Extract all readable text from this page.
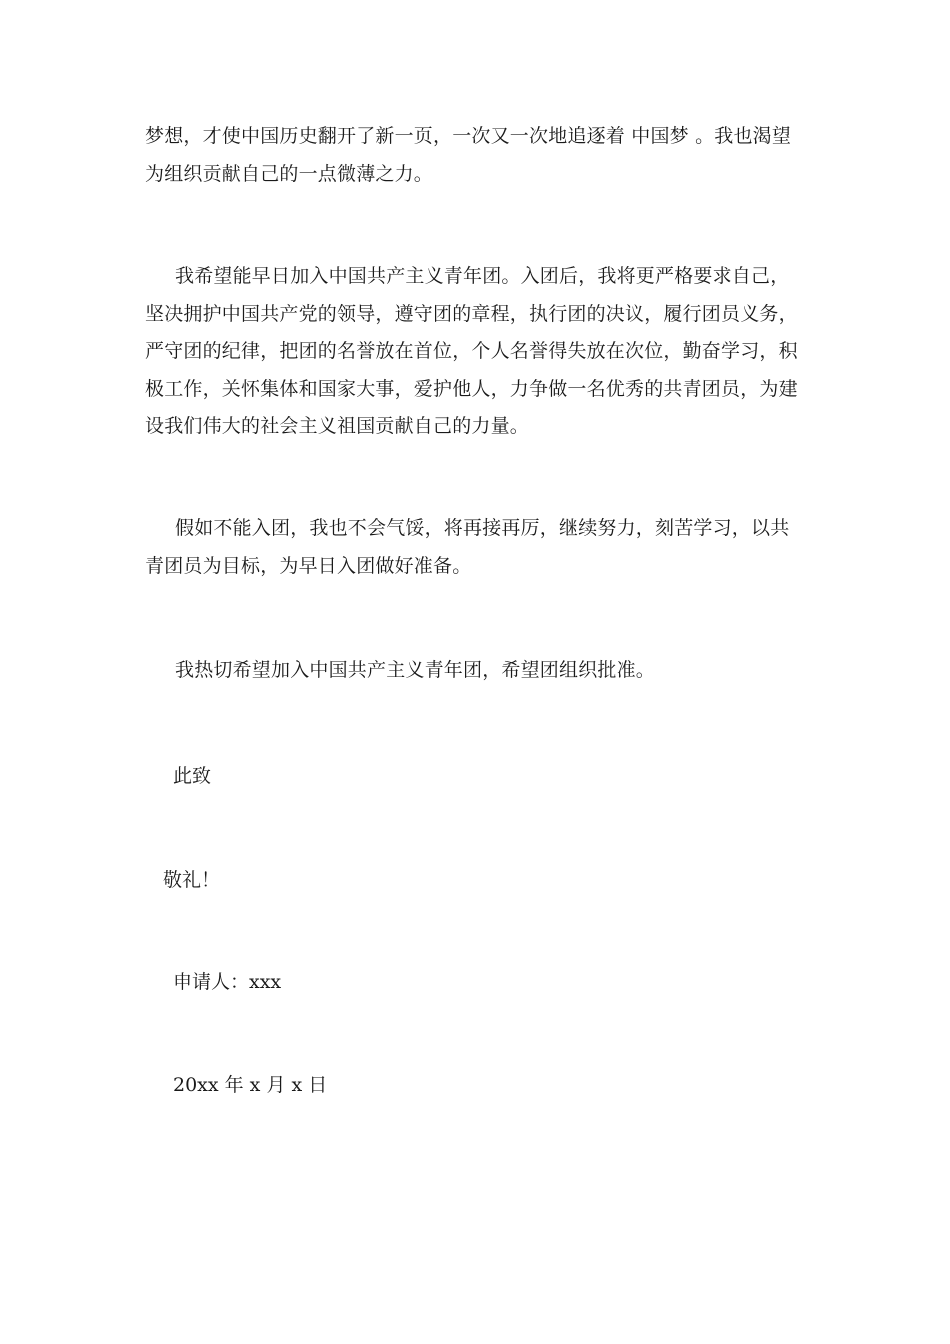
梦想，才使中国历史翻开了新一页，一次又一次地追逐着 中国梦 。我也渴望为组织贡献自己的一点微薄之力。

我希望能早日加入中国共产主义青年团。入团后，我将更严格要求自己，坚决拥护中国共产党的领导，遵守团的章程，执行团的决议，履行团员义务，严守团的纪律，把团的名誉放在首位，个人名誉得失放在次位，勤奋学习，积极工作，关怀集体和国家大事，爱护他人，力争做一名优秀的共青团员，为建设我们伟大的社会主义祖国贡献自己的力量。

假如不能入团，我也不会气馁，将再接再厉，继续努力，刻苦学习，以共青团员为目标，为早日入团做好准备。

我热切希望加入中国共产主义青年团，希望团组织批准。

此致

敬礼！

申请人：xxx

20xx 年 x 月 x 日
